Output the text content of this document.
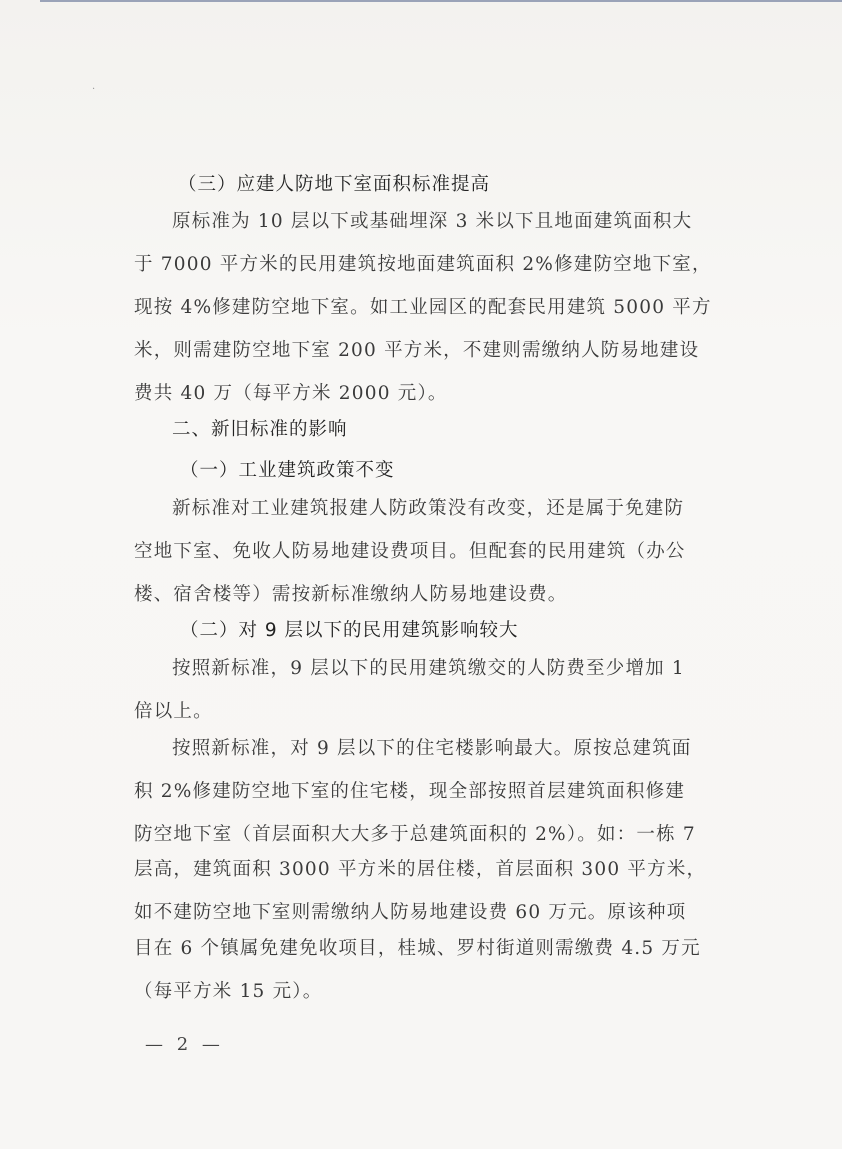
·
（三）应建人防地下室面积标准提高
原标准为 10 层以下或基础埋深 3 米以下且地面建筑面积大
于 7000 平方米的民用建筑按地面建筑面积 2%修建防空地下室，
现按 4%修建防空地下室。如工业园区的配套民用建筑 5000 平方
米，则需建防空地下室 200 平方米，不建则需缴纳人防易地建设
费共 40 万（每平方米 2000 元）。
二、新旧标准的影响
（一）工业建筑政策不变
新标准对工业建筑报建人防政策没有改变，还是属于免建防
空地下室、免收人防易地建设费项目。但配套的民用建筑（办公
楼、宿舍楼等）需按新标准缴纳人防易地建设费。
（二）对 9 层以下的民用建筑影响较大
按照新标准，9 层以下的民用建筑缴交的人防费至少增加 1
倍以上。
按照新标准，对 9 层以下的住宅楼影响最大。原按总建筑面
积 2%修建防空地下室的住宅楼，现全部按照首层建筑面积修建
防空地下室（首层面积大大多于总建筑面积的 2%）。如：一栋 7
层高，建筑面积 3000 平方米的居住楼，首层面积 300 平方米，
如不建防空地下室则需缴纳人防易地建设费 60 万元。原该种项
目在 6 个镇属免建免收项目，桂城、罗村街道则需缴费 4.5 万元
（每平方米 15 元）。
— 2 —
